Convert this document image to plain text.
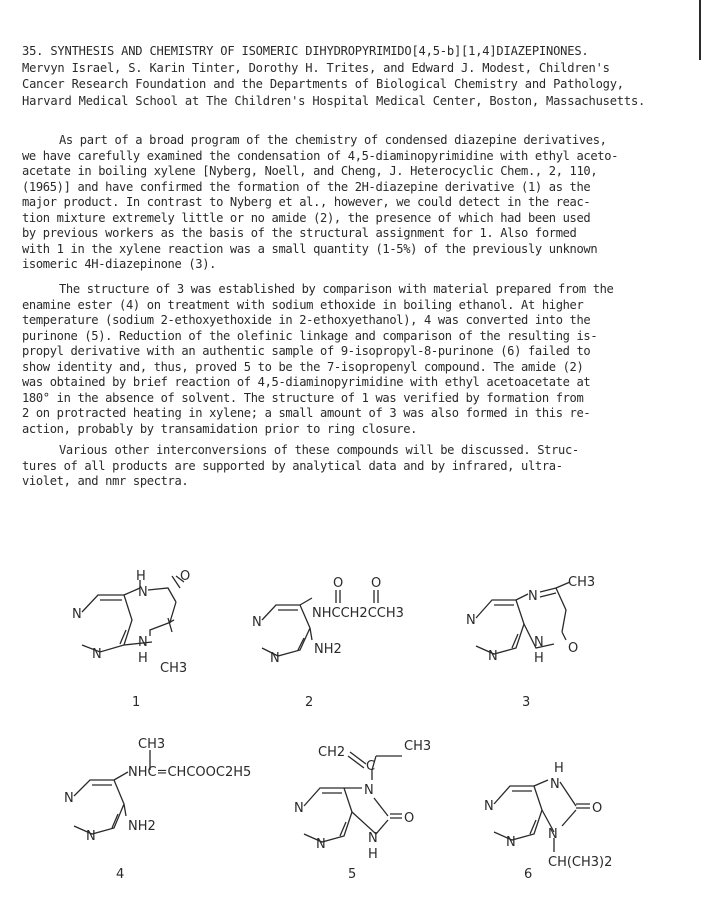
35. SYNTHESIS AND CHEMISTRY OF ISOMERIC DIHYDROPYRIMIDO[4,5-b][1,4]DIAZEPINONES.
Mervyn Israel, S. Karin Tinter, Dorothy H. Trites, and Edward J. Modest, Children's
Cancer Research Foundation and the Departments of Biological Chemistry and Pathology,
Harvard Medical School at The Children's Hospital Medical Center, Boston, Massachusetts.
As part of a broad program of the chemistry of condensed diazepine derivatives,
we have carefully examined the condensation of 4,5-diaminopyrimidine with ethyl aceto-
acetate in boiling xylene [Nyberg, Noell, and Cheng, J. Heterocyclic Chem., 2, 110,
(1965)] and have confirmed the formation of the 2H-diazepine derivative (1) as the
major product. In contrast to Nyberg et al., however, we could detect in the reac-
tion mixture extremely little or no amide (2), the presence of which had been used
by previous workers as the basis of the structural assignment for 1. Also formed
with 1 in the xylene reaction was a small quantity (1-5%) of the previously unknown
isomeric 4H-diazepinone (3).
The structure of 3 was established by comparison with material prepared from the
enamine ester (4) on treatment with sodium ethoxide in boiling ethanol. At higher
temperature (sodium 2-ethoxyethoxide in 2-ethoxyethanol), 4 was converted into the
purinone (5). Reduction of the olefinic linkage and comparison of the resulting is-
propyl derivative with an authentic sample of 9-isopropyl-8-purinone (6) failed to
show identity and, thus, proved 5 to be the 7-isopropenyl compound. The amide (2)
was obtained by brief reaction of 4,5-diaminopyrimidine with ethyl acetoacetate at
180° in the absence of solvent. The structure of 1 was verified by formation from
2 on protracted heating in xylene; a small amount of 3 was also formed in this re-
action, probably by transamidation prior to ring closure.
Various other interconversions of these compounds will be discussed. Struc-
tures of all products are supported by analytical data and by infrared, ultra-
violet, and nmr spectra.
N
N
H
N
O
N
H
CH3
1
N
N
O O
NHCCH2CCH3
NH2
2
N
N
N
CH3
N
H
O
3
N
N
CH3
NHC=CHCOOC2H5
NH2
4
N
N
CH2
C
CH3
N
O
N
H
5
N
N
H
N
O
N
CH(CH3)2
6
